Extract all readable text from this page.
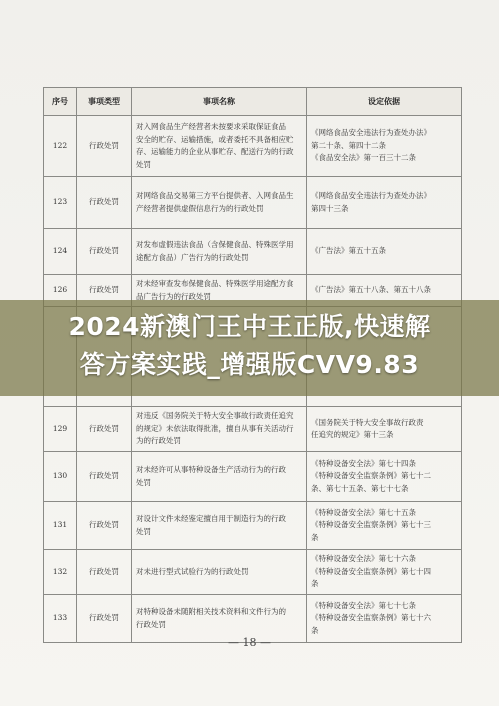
序号	事项类型	事项名称	设定依据
122	行政处罚	对入网食品生产经营者未按要求采取保证食品
安全的贮存、运输措施，或者委托不具备相应贮
存、运输能力的企业从事贮存、配送行为的行政
处罚	《网络食品安全违法行为查处办法》
第二十条、第四十二条
《食品安全法》第一百三十二条

123	行政处罚	对网络食品交易第三方平台提供者、入网食品生
产经营者提供虚假信息行为的行政处罚	《网络食品安全违法行为查处办法》
第四十三条

124	行政处罚	对发布虚假违法食品（含保健食品、特殊医学用
途配方食品）广告行为的行政处罚	《广告法》第五十五条

126	行政处罚	对未经审查发布保健食品、特殊医学用途配方食
品广告行为的行政处罚	《广告法》第五十八条、第五十八条

129	行政处罚	对违反《国务院关于特大安全事故行政责任追究
的规定》未依法取得批准，擅自从事有关活动行
为的行政处罚	《国务院关于特大安全事故行政责
任追究的规定》第十三条

130	行政处罚	对未经许可从事特种设备生产活动行为的行政
处罚	《特种设备安全法》第七十四条
《特种设备安全监察条例》第七十二
条、第七十五条、第七十七条

131	行政处罚	对设计文件未经鉴定擅自用于制造行为的行政
处罚	《特种设备安全法》第七十五条
《特种设备安全监察条例》第七十三
条

132	行政处罚	对未进行型式试验行为的行政处罚	《特种设备安全法》第七十六条
《特种设备安全监察条例》第七十四
条

133	行政处罚	对特种设备未随附相关技术资料和文件行为的
行政处罚	《特种设备安全法》第七十七条
《特种设备安全监察条例》第七十六
条
2024新澳门王中王正版,快速解
答方案实践_增强版CVV9.83
— 18 —
